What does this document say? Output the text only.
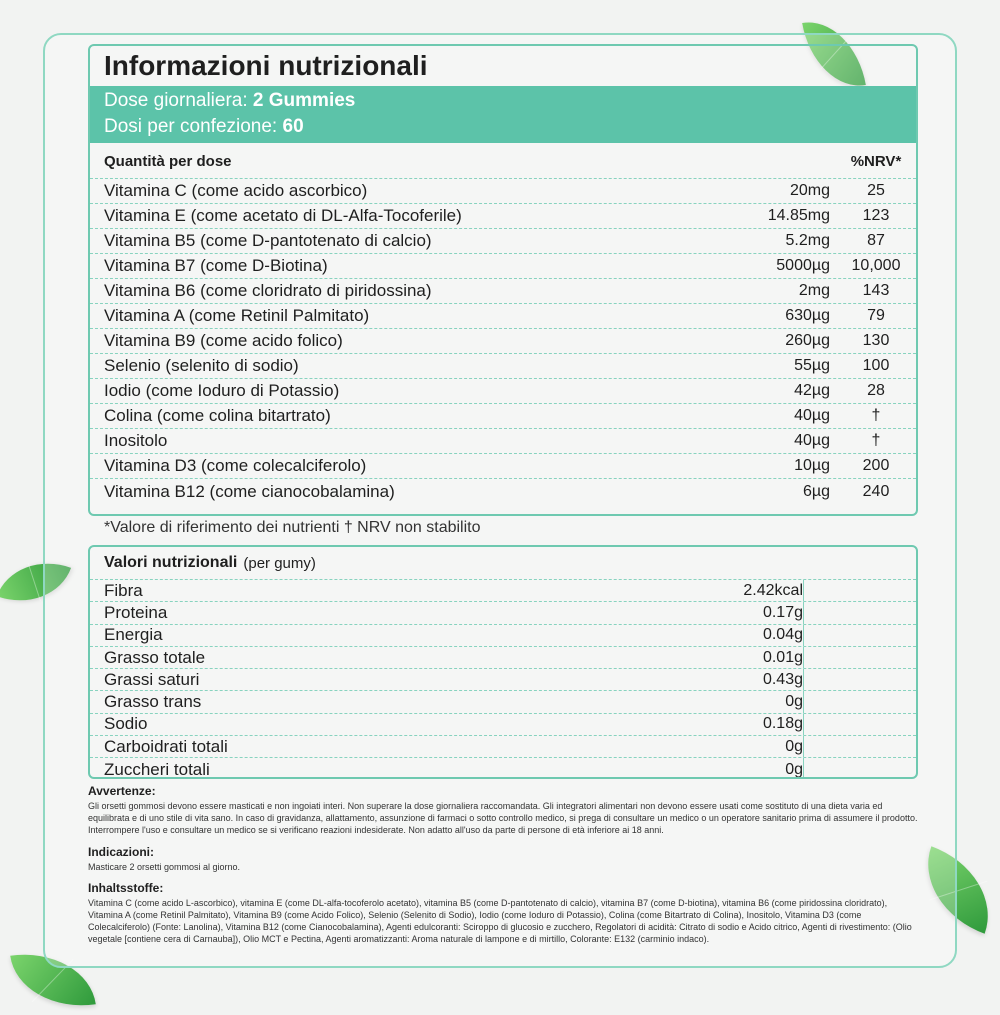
Informazioni nutrizionali
Dose giornaliera: 2 Gummies
Dosi per confezione: 60
Quantità per dose	%NRV*
Vitamina C (come acido ascorbico)	20mg	25
Vitamina E (come acetato di DL-Alfa-Tocoferile)	14.85mg	123
Vitamina B5 (come D-pantotenato di calcio)	5.2mg	87
Vitamina B7 (come D-Biotina)	5000µg	10,000
Vitamina B6 (come cloridrato di piridossina)	2mg	143
Vitamina A (come Retinil Palmitato)	630µg	79
Vitamina B9 (come acido folico)	260µg	130
Selenio (selenito di sodio)	55µg	100
Iodio (come Ioduro di Potassio)	42µg	28
Colina (come colina bitartrato)	40µg	†
Inositolo	40µg	†
Vitamina D3 (come colecalciferolo)	10µg	200
Vitamina B12 (come cianocobalamina)	6µg	240
*Valore di riferimento dei nutrienti † NRV non stabilito
Valori nutrizionali (per gumy)
Fibra	2.42kcal
Proteina	0.17g
Energia	0.04g
Grasso totale	0.01g
Grassi saturi	0.43g
Grasso trans	0g
Sodio	0.18g
Carboidrati totali	0g
Zuccheri totali	0g
Avvertenze:

Gli orsetti gommosi devono essere masticati e non ingoiati interi. Non superare la dose giornaliera raccomandata. Gli integratori alimentari non devono essere usati come sostituto di una dieta varia ed equilibrata e di uno stile di vita sano. In caso di gravidanza, allattamento, assunzione di farmaci o sotto controllo medico, si prega di consultare un medico o un operatore sanitario prima di assumere il prodotto. Interrompere l'uso e consultare un medico se si verificano reazioni indesiderate. Non adatto all'uso da parte di persone di età inferiore ai 18 anni.

Indicazioni:

Masticare 2 orsetti gommosi al giorno.

Inhaltsstoffe:

Vitamina C (come acido L-ascorbico), vitamina E (come DL-alfa-tocoferolo acetato), vitamina B5 (come D-pantotenato di calcio), vitamina B7 (come D-biotina), vitamina B6 (come piridossina cloridrato), Vitamina A (come Retinil Palmitato), Vitamina B9 (come Acido Folico), Selenio (Selenito di Sodio), Iodio (come Ioduro di Potassio), Colina (come Bitartrato di Colina), Inositolo, Vitamina D3 (come Colecalciferolo) (Fonte: Lanolina), Vitamina B12 (come Cianocobalamina), Agenti edulcoranti: Sciroppo di glucosio e zucchero, Regolatori di acidità: Citrato di sodio e Acido citrico, Agenti di rivestimento: (Olio vegetale [contiene cera di Carnauba]), Olio MCT e Pectina, Agenti aromatizzanti: Aroma naturale di lampone e di mirtillo, Colorante: E132 (carminio indaco).
